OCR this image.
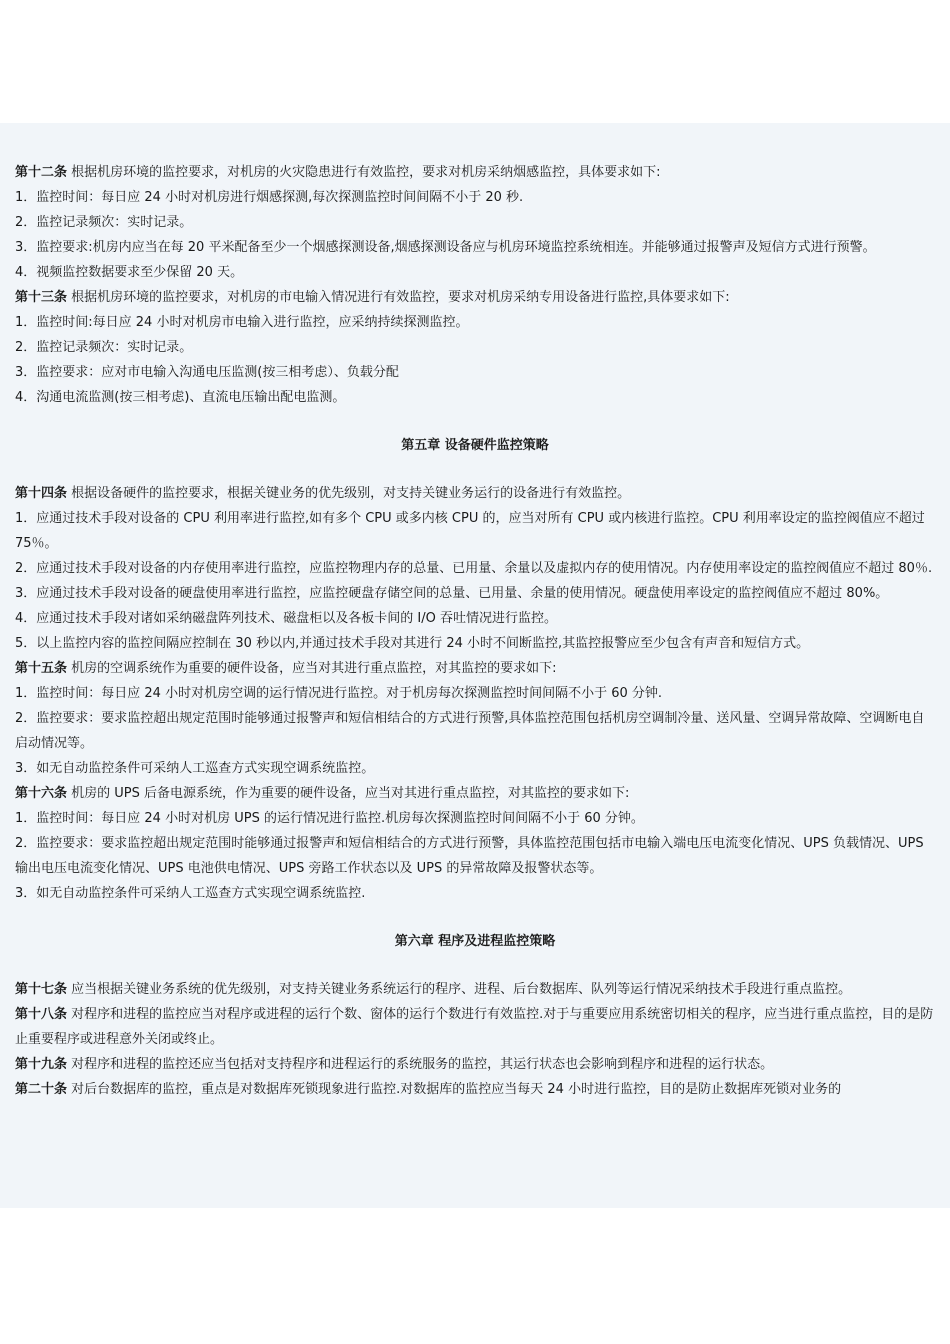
第十二条 根据机房环境的监控要求，对机房的火灾隐患进行有效监控，要求对机房采纳烟感监控，具体要求如下:

1．监控时间：每日应 24 小时对机房进行烟感探测,每次探测监控时间间隔不小于 20 秒.

2．监控记录频次：实时记录。

3．监控要求:机房内应当在每 20 平米配备至少一个烟感探测设备,烟感探测设备应与机房环境监控系统相连。并能够通过报警声及短信方式进行预警。

4．视频监控数据要求至少保留 20 天。

第十三条 根据机房环境的监控要求，对机房的市电输入情况进行有效监控，要求对机房采纳专用设备进行监控,具体要求如下:

1．监控时间:每日应 24 小时对机房市电输入进行监控，应采纳持续探测监控。

2．监控记录频次：实时记录。

3．监控要求：应对市电输入沟通电压监测(按三相考虑）、负载分配

4．沟通电流监测(按三相考虑)、直流电压输出配电监测。

第五章 设备硬件监控策略

第十四条 根据设备硬件的监控要求，根据关键业务的优先级别，对支持关键业务运行的设备进行有效监控。

1．应通过技术手段对设备的 CPU 利用率进行监控,如有多个 CPU 或多内核 CPU 的，应当对所有 CPU 或内核进行监控。CPU 利用率设定的监控阀值应不超过 75％。

2．应通过技术手段对设备的内存使用率进行监控，应监控物理内存的总量、已用量、余量以及虚拟内存的使用情况。内存使用率设定的监控阀值应不超过 80％.

3．应通过技术手段对设备的硬盘使用率进行监控，应监控硬盘存储空间的总量、已用量、余量的使用情况。硬盘使用率设定的监控阀值应不超过 80%。

4．应通过技术手段对诸如采纳磁盘阵列技术、磁盘柜以及各板卡间的 I/O 吞吐情况进行监控。

5．以上监控内容的监控间隔应控制在 30 秒以内,并通过技术手段对其进行 24 小时不间断监控,其监控报警应至少包含有声音和短信方式。

第十五条 机房的空调系统作为重要的硬件设备，应当对其进行重点监控，对其监控的要求如下:

1．监控时间：每日应 24 小时对机房空调的运行情况进行监控。对于机房每次探测监控时间间隔不小于 60 分钟.

2．监控要求：要求监控超出规定范围时能够通过报警声和短信相结合的方式进行预警,具体监控范围包括机房空调制冷量、送风量、空调异常故障、空调断电自启动情况等。

3．如无自动监控条件可采纳人工巡查方式实现空调系统监控。

第十六条 机房的 UPS 后备电源系统，作为重要的硬件设备，应当对其进行重点监控，对其监控的要求如下:

1．监控时间：每日应 24 小时对机房 UPS 的运行情况进行监控.机房每次探测监控时间间隔不小于 60 分钟。

2．监控要求：要求监控超出规定范围时能够通过报警声和短信相结合的方式进行预警，具体监控范围包括市电输入端电压电流变化情况、UPS 负载情况、UPS 输出电压电流变化情况、UPS 电池供电情况、UPS 旁路工作状态以及 UPS 的异常故障及报警状态等。

3．如无自动监控条件可采纳人工巡查方式实现空调系统监控.

第六章 程序及进程监控策略

第十七条 应当根据关键业务系统的优先级别，对支持关键业务系统运行的程序、进程、后台数据库、队列等运行情况采纳技术手段进行重点监控。

第十八条 对程序和进程的监控应当对程序或进程的运行个数、窗体的运行个数进行有效监控.对于与重要应用系统密切相关的程序，应当进行重点监控，目的是防止重要程序或进程意外关闭或终止。

第十九条 对程序和进程的监控还应当包括对支持程序和进程运行的系统服务的监控，其运行状态也会影响到程序和进程的运行状态。

第二十条 对后台数据库的监控，重点是对数据库死锁现象进行监控.对数据库的监控应当每天 24 小时进行监控，目的是防止数据库死锁对业务的
